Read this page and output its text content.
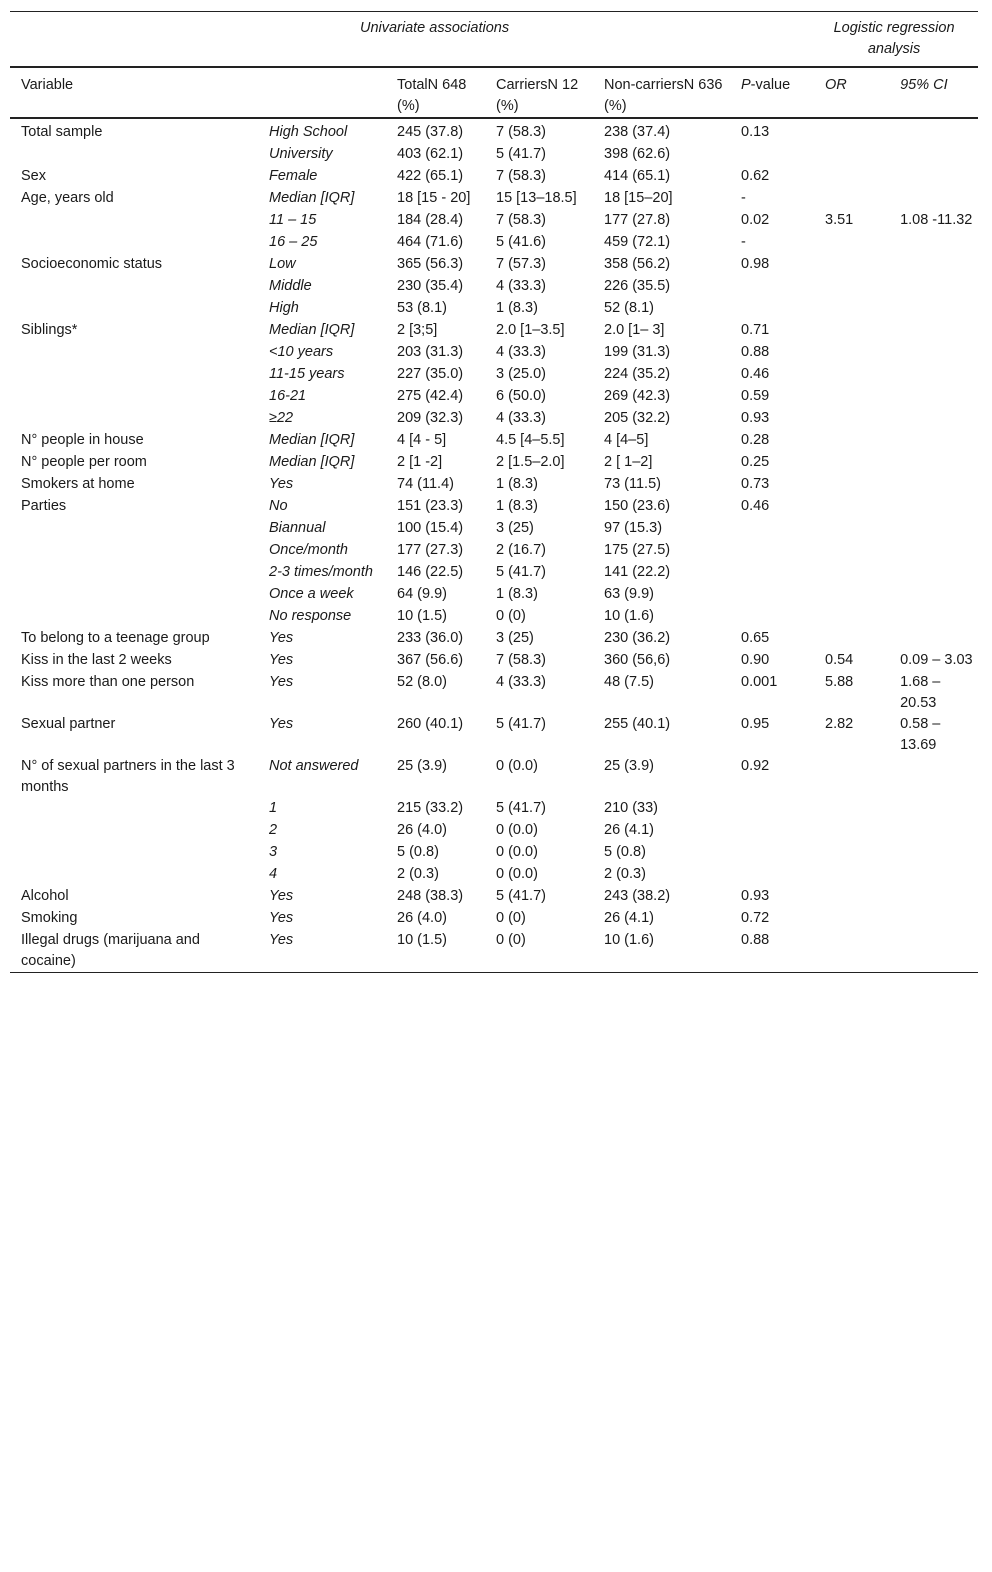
Univariate associations							Logistic regression analysis

Variable		TotalN 648 (%)	CarriersN 12 (%)	Non-carriersN 636 (%)	P-value	OR	95% CI
Total sample	High School	245 (37.8)	7 (58.3)	238 (37.4)	0.13		
	University	403 (62.1)	5 (41.7)	398 (62.6)			
Sex	Female	422 (65.1)	7 (58.3)	414 (65.1)	0.62		
Age, years old	Median [IQR]	18 [15 - 20]	15 [13–18.5]	18 [15–20]	-		
	11 – 15	184 (28.4)	7 (58.3)	177 (27.8)	0.02	3.51	1.08 -11.32
	16 – 25	464 (71.6)	5 (41.6)	459 (72.1)	-		
Socioeconomic status	Low	365 (56.3)	7 (57.3)	358 (56.2)	0.98		
	Middle	230 (35.4)	4 (33.3)	226 (35.5)			
	High	53 (8.1)	1 (8.3)	52 (8.1)			
Siblings*	Median [IQR]	2 [3;5]	2.0 [1–3.5]	2.0 [1– 3]	0.71		
	<10 years	203 (31.3)	4 (33.3)	199 (31.3)	0.88		
	11-15 years	227 (35.0)	3 (25.0)	224 (35.2)	0.46		
	16-21	275 (42.4)	6 (50.0)	269 (42.3)	0.59		
	≥22	209 (32.3)	4 (33.3)	205 (32.2)	0.93		
N° people in house	Median [IQR]	4 [4 - 5]	4.5 [4–5.5]	4 [4–5]	0.28		
N° people per room	Median [IQR]	2 [1 -2]	2 [1.5–2.0]	2 [ 1–2]	0.25		
Smokers at home	Yes	74 (11.4)	1 (8.3)	73 (11.5)	0.73		
Parties	No	151 (23.3)	1 (8.3)	150 (23.6)	0.46		
	Biannual	100 (15.4)	3 (25)	97 (15.3)			
	Once/month	177 (27.3)	2 (16.7)	175 (27.5)			
	2-3 times/month	146 (22.5)	5 (41.7)	141 (22.2)			
	Once a week	64 (9.9)	1 (8.3)	63 (9.9)			
	No response	10 (1.5)	0 (0)	10 (1.6)			
To belong to a teenage group	Yes	233 (36.0)	3 (25)	230 (36.2)	0.65		
Kiss in the last 2 weeks	Yes	367 (56.6)	7 (58.3)	360 (56,6)	0.90	0.54	0.09 – 3.03
Kiss more than one person	Yes	52 (8.0)	4 (33.3)	48 (7.5)	0.001	5.88	1.68 – 20.53
Sexual partner	Yes	260 (40.1)	5 (41.7)	255 (40.1)	0.95	2.82	0.58 – 13.69
N° of sexual partners in the last 3 months	Not answered	25 (3.9)	0 (0.0)	25 (3.9)	0.92		
	1	215 (33.2)	5 (41.7)	210 (33)			
	2	26 (4.0)	0 (0.0)	26 (4.1)			
	3	5 (0.8)	0 (0.0)	5 (0.8)			
	4	2 (0.3)	0 (0.0)	2 (0.3)			
Alcohol	Yes	248 (38.3)	5 (41.7)	243 (38.2)	0.93		
Smoking	Yes	26 (4.0)	0 (0)	26 (4.1)	0.72		
Illegal drugs (marijuana and cocaine)	Yes	10 (1.5)	0 (0)	10 (1.6)	0.88		
